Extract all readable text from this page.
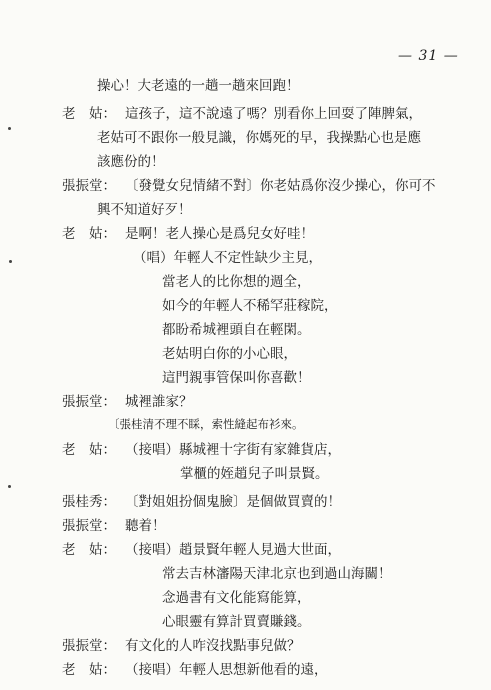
— 31 —
操心！大老遠的一趟一趟來回跑！
老　姑： 這孩子，這不說遠了嗎？別看你上回耍了陣脾氣，
老姑可不跟你一般見識，你媽死的早，我操點心也是應
該應份的！
張振堂： 〔發覺女兒情緒不對〕你老姑爲你沒少操心，你可不
興不知道好歹！
老　姑： 是啊！老人操心是爲兒女好哇！
（唱）年輕人不定性缺少主見，
當老人的比你想的週全，
如今的年輕人不稀罕莊稼院，
都盼希城裡頭自在輕閑。
老姑明白你的小心眼，
這門親事管保叫你喜歡！
張振堂： 城裡誰家？
〔張桂清不理不睬，索性縫起布衫來。
老　姑： （接唱）縣城裡十字街有家雜貨店，
掌櫃的姪趙兒子叫景賢。
張桂秀： 〔對姐姐扮個鬼臉〕是個做買賣的！
張振堂： 聽着！
老　姑： （接唱）趙景賢年輕人見過大世面，
常去吉林瀋陽天津北京也到過山海關！
念過書有文化能寫能算，
心眼靈有算計買賣賺錢。
張振堂： 有文化的人咋沒找點事兒做？
老　姑： （接唱）年輕人思想新他看的遠，
